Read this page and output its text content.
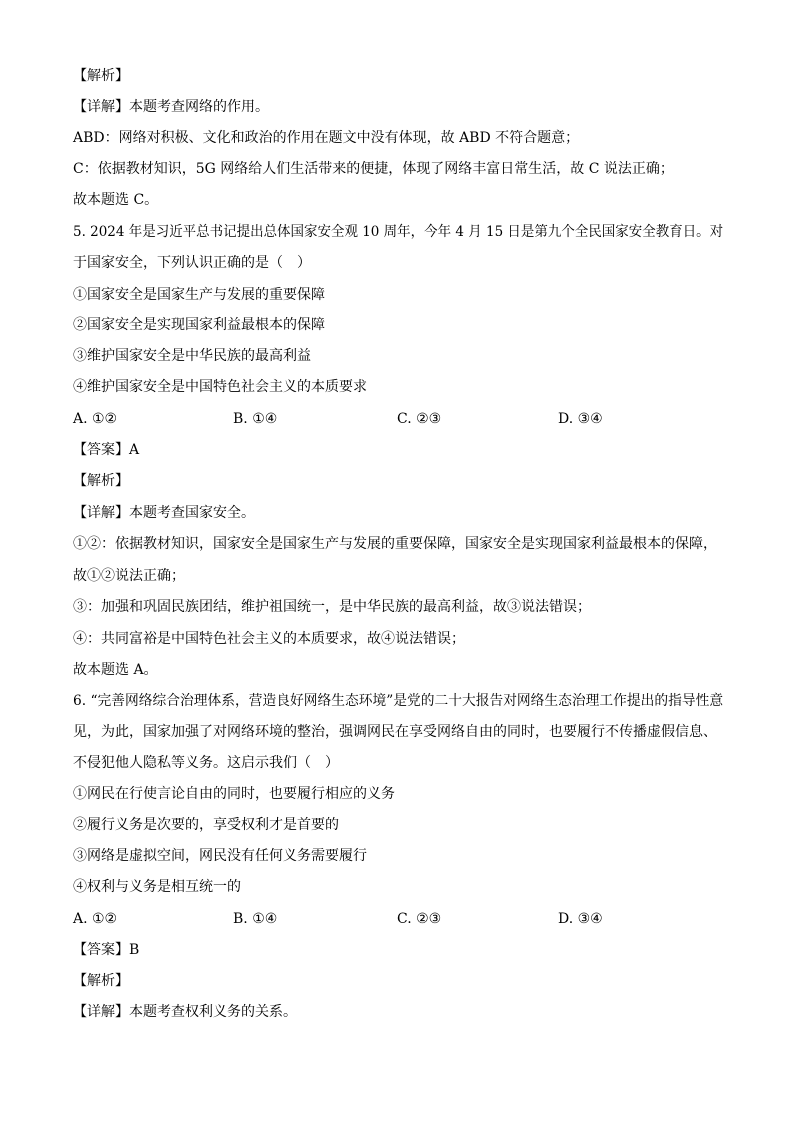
【解析】
【详解】本题考查网络的作用。
ABD：网络对积极、文化和政治的作用在题文中没有体现，故 ABD 不符合题意；
C：依据教材知识，5G 网络给人们生活带来的便捷，体现了网络丰富日常生活，故 C 说法正确；
故本题选 C。
5. 2024 年是习近平总书记提出总体国家安全观 10 周年，今年 4 月 15 日是第九个全民国家安全教育日。对
于国家安全，下列认识正确的是（　）
①国家安全是国家生产与发展的重要保障
②国家安全是实现国家利益最根本的保障
③维护国家安全是中华民族的最高利益
④维护国家安全是中国特色社会主义的本质要求
A. ①②	B. ①④	C. ②③	D. ③④
【答案】A
【解析】
【详解】本题考查国家安全。
①②：依据教材知识，国家安全是国家生产与发展的重要保障，国家安全是实现国家利益最根本的保障，
故①②说法正确；
③：加强和巩固民族团结，维护祖国统一，是中华民族的最高利益，故③说法错误；
④：共同富裕是中国特色社会主义的本质要求，故④说法错误；
故本题选 A。
6. “完善网络综合治理体系，营造良好网络生态环境”是党的二十大报告对网络生态治理工作提出的指导性意
见，为此，国家加强了对网络环境的整治，强调网民在享受网络自由的同时，也要履行不传播虚假信息、
不侵犯他人隐私等义务。这启示我们（　）
①网民在行使言论自由的同时，也要履行相应的义务
②履行义务是次要的，享受权利才是首要的
③网络是虚拟空间，网民没有任何义务需要履行
④权利与义务是相互统一的
A. ①②	B. ①④	C. ②③	D. ③④
【答案】B
【解析】
【详解】本题考查权利义务的关系。
